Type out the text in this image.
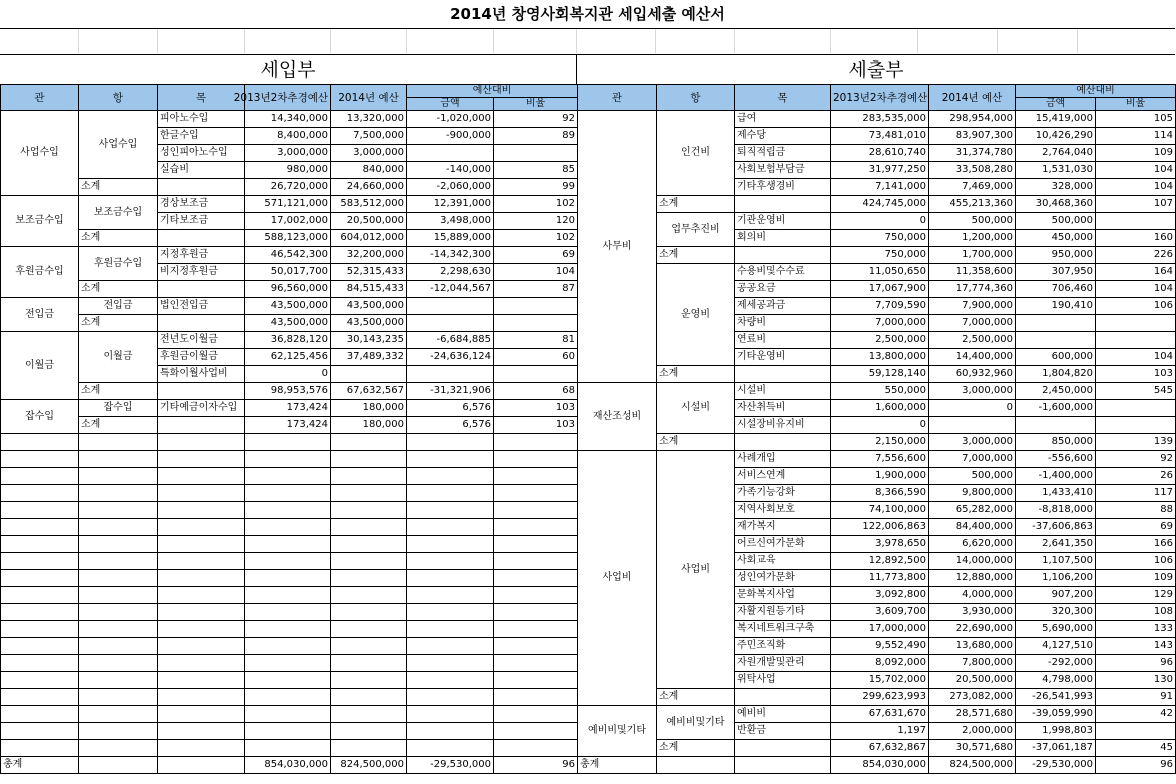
2014년 창영사회복지관 세입세출 예산서
세입부	세출부
관	항	목	2013년2차추경예산	2014년 예산	예산대비	
					금액	비율
사업수입	사업수입	피아노수입	14,340,000	13,320,000	-1,020,000	92
		한글수입	8,400,000	7,500,000	-900,000	89
		성인피아노수입	3,000,000	3,000,000		
		실습비	980,000	840,000	-140,000	85
	소계		26,720,000	24,660,000	-2,060,000	99
보조금수입	보조금수입	경상보조금	571,121,000	583,512,000	12,391,000	102
		기타보조금	17,002,000	20,500,000	3,498,000	120
	소계		588,123,000	604,012,000	15,889,000	102
후원금수입	후원금수입	지정후원금	46,542,300	32,200,000	-14,342,300	69
		비지정후원금	50,017,700	52,315,433	2,298,630	104
	소계		96,560,000	84,515,433	-12,044,567	87
전입금	전입금	법인전입금	43,500,000	43,500,000		
	소계		43,500,000	43,500,000		
이월금	이월금	전년도이월금	36,828,120	30,143,235	-6,684,885	81
		후원금이월금	62,125,456	37,489,332	-24,636,124	60
		특화이월사업비	0			
	소계		98,953,576	67,632,567	-31,321,906	68
잡수입	잡수입	기타예금이자수입	173,424	180,000	6,576	103
	소계		173,424	180,000	6,576	103

총계			854,030,000	824,500,000	-29,530,000	96
관	항	목	2013년2차추경예산	2014년 예산	예산대비	
					금액	비율
사무비	인건비	급여	283,535,000	298,954,000	15,419,000	105
		제수당	73,481,010	83,907,300	10,426,290	114
		퇴직적립금	28,610,740	31,374,780	2,764,040	109
		사회보험부담금	31,977,250	33,508,280	1,531,030	104
		기타후생경비	7,141,000	7,469,000	328,000	104
	소계		424,745,000	455,213,360	30,468,360	107
	업무추진비	기관운영비	0	500,000	500,000	
		회의비	750,000	1,200,000	450,000	160
	소계		750,000	1,700,000	950,000	226
	운영비	수용비및수수료	11,050,650	11,358,600	307,950	164
		공공요금	17,067,900	17,774,360	706,460	104
		제세공과금	7,709,590	7,900,000	190,410	106
		차량비	7,000,000	7,000,000		
		연료비	2,500,000	2,500,000		
		기타운영비	13,800,000	14,400,000	600,000	104
	소계		59,128,140	60,932,960	1,804,820	103
재산조성비	시설비	시설비	550,000	3,000,000	2,450,000	545
		자산취득비	1,600,000	0	-1,600,000	
		시설장비유지비	0			
	소계		2,150,000	3,000,000	850,000	139
사업비	사업비	사례개입	7,556,600	7,000,000	-556,600	92
		서비스연계	1,900,000	500,000	-1,400,000	26
		가족기능강화	8,366,590	9,800,000	1,433,410	117
		지역사회보호	74,100,000	65,282,000	-8,818,000	88
		재가복지	122,006,863	84,400,000	-37,606,863	69
		어르신여가문화	3,978,650	6,620,000	2,641,350	166
		사회교육	12,892,500	14,000,000	1,107,500	106
		성인여가문화	11,773,800	12,880,000	1,106,200	109
		문화복지사업	3,092,800	4,000,000	907,200	129
		자활지원등기타	3,609,700	3,930,000	320,300	108
		복지네트워크구축	17,000,000	22,690,000	5,690,000	133
		주민조직화	9,552,490	13,680,000	4,127,510	143
		자원개발및관리	8,092,000	7,800,000	-292,000	96
		위탁사업	15,702,000	20,500,000	4,798,000	130
	소계		299,623,993	273,082,000	-26,541,993	91
예비비및기타	예비비및기타	예비비	67,631,670	28,571,680	-39,059,990	42
		반환금	1,197	2,000,000	1,998,803	
	소계		67,632,867	30,571,680	-37,061,187	45
총계			854,030,000	824,500,000	-29,530,000	96
